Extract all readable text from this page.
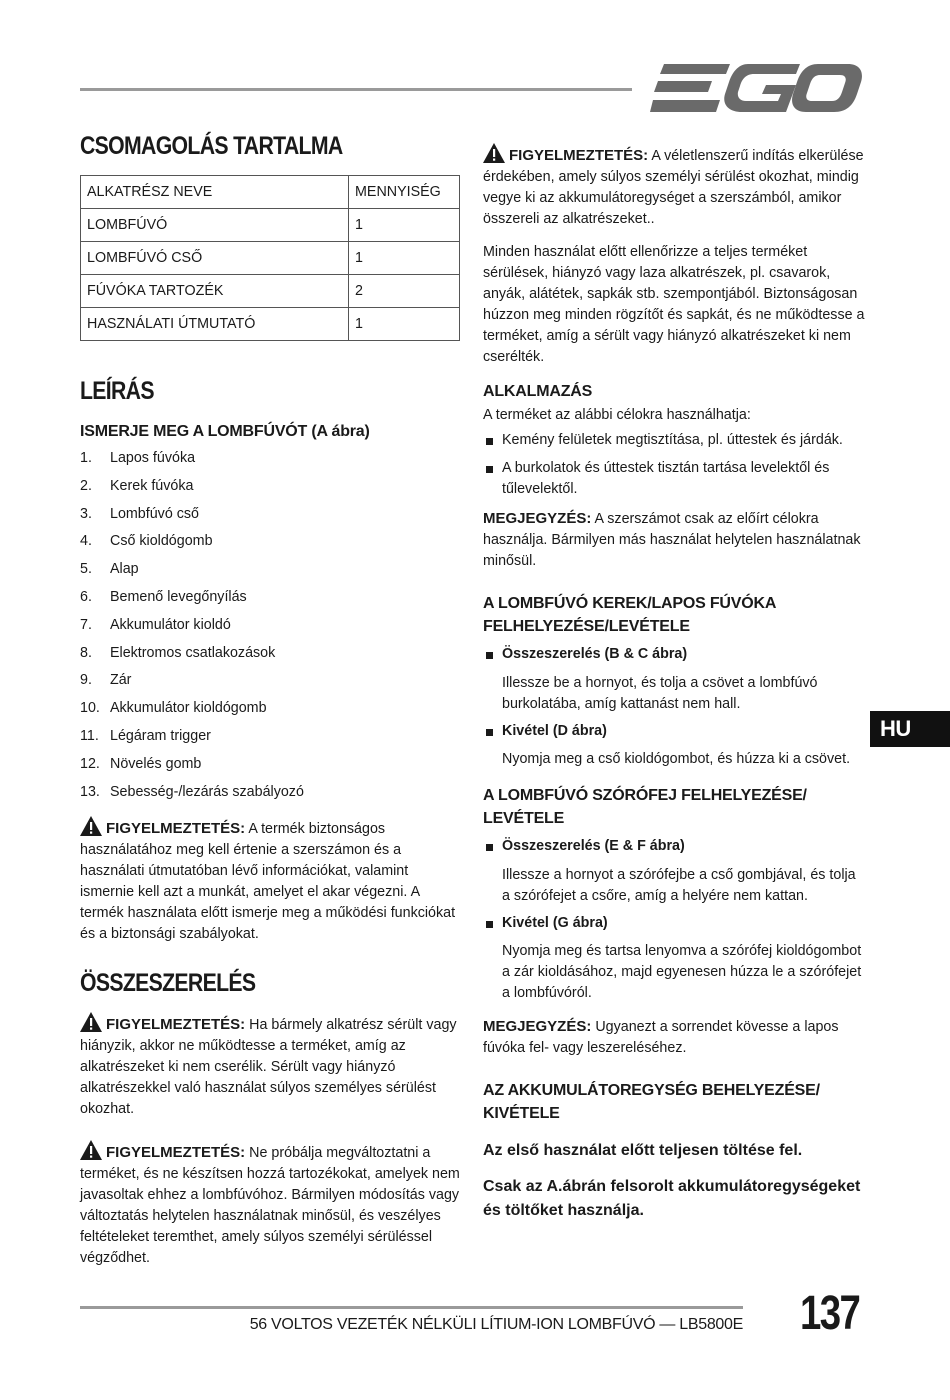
CSOMAGOLÁS TARTALMA
ALKATRÉSZ NEVE	MENNYISÉG
LOMBFÚVÓ	1
LOMBFÚVÓ CSŐ	1
FÚVÓKA TARTOZÉK	2
HASZNÁLATI ÚTMUTATÓ	1
LEÍRÁS
ISMERJE MEG A LOMBFÚVÓT (A ábra)
1. Lapos fúvóka
2. Kerek fúvóka
3. Lombfúvó cső
4. Cső kioldógomb
5. Alap
6. Bemenő levegőnyílás
7. Akkumulátor kioldó
8. Elektromos csatlakozások
9. Zár
10. Akkumulátor kioldógomb
11. Légáram trigger
12. Növelés gomb
13. Sebesség-/lezárás szabályozó

FIGYELMEZTETÉS: A termék biztonságos használatához meg kell értenie a szerszámon és a használati útmutatóban lévő információkat, valamint ismernie kell azt a munkát, amelyet el akar végezni. A termék használata előtt ismerje meg a működési funkciókat és a biztonsági szabályokat.

ÖSSZESZERELÉS

FIGYELMEZTETÉS: Ha bármely alkatrész sérült vagy hiányzik, akkor ne működtesse a terméket, amíg az alkatrészeket ki nem cserélik. Sérült vagy hiányzó alkatrészekkel való használat súlyos személyes sérülést okozhat.

FIGYELMEZTETÉS: Ne próbálja megváltoztatni a terméket, és ne készítsen hozzá tartozékokat, amelyek nem javasoltak ehhez a lombfúvóhoz. Bármilyen módosítás vagy változtatás helytelen használatnak minősül, és veszélyes feltételeket teremthet, amely súlyos személyi sérüléssel végződhet.

FIGYELMEZTETÉS: A véletlenszerű indítás elkerülése érdekében, amely súlyos személyi sérülést okozhat, mindig vegye ki az akkumulátoregységet a szerszámból, amikor összereli az alkatrészeket..

Minden használat előtt ellenőrizze a teljes terméket sérülések, hiányzó vagy laza alkatrészek, pl. csavarok, anyák, alátétek, sapkák stb. szempontjából. Biztonságosan húzzon meg minden rögzítőt és sapkát, és ne működtesse a terméket, amíg a sérült vagy hiányzó alkatrészeket ki nem cserélték.

ALKALMAZÁS

A terméket az alábbi célokra használhatja:

Kemény felületek megtisztítása, pl. úttestek és járdák.
A burkolatok és úttestek tisztán tartása levelektől és tűlevelektől.

MEGJEGYZÉS: A szerszámot csak az előírt célokra használja. Bármilyen más használat helytelen használatnak minősül.

A LOMBFÚVÓ KEREK/LAPOS FÚVÓKA FELHELYEZÉSE/LEVÉTELE
Összeszerelés (B & C ábra)

Illessze be a hornyot, és tolja a csövet a lombfúvó burkolatába, amíg kattanást nem hall.

Kivétel (D ábra)

Nyomja meg a cső kioldógombot, és húzza ki a csövet.

A LOMBFÚVÓ SZÓRÓFEJ FELHELYEZÉSE/ LEVÉTELE
Összeszerelés (E & F ábra)

Illessze a hornyot a szórófejbe a cső gombjával, és tolja a szórófejet a csőre, amíg a helyére nem kattan.

Kivétel (G ábra)

Nyomja meg és tartsa lenyomva a szórófej kioldógombot a zár kioldásához, majd egyenesen húzza le a szórófejet a lombfúvóról.

MEGJEGYZÉS: Ugyanezt a sorrendet kövesse a lapos fúvóka fel- vagy leszereléséhez.

AZ AKKUMULÁTOREGYSÉG BEHELYEZÉSE/ KIVÉTELE

Az első használat előtt teljesen töltése fel.

Csak az A.ábrán felsorolt akkumulátoregységeket és töltőket használja.

HU
56 VOLTOS VEZETÉK NÉLKÜLI LÍTIUM-ION LOMBFÚVÓ — LB5800E 137
